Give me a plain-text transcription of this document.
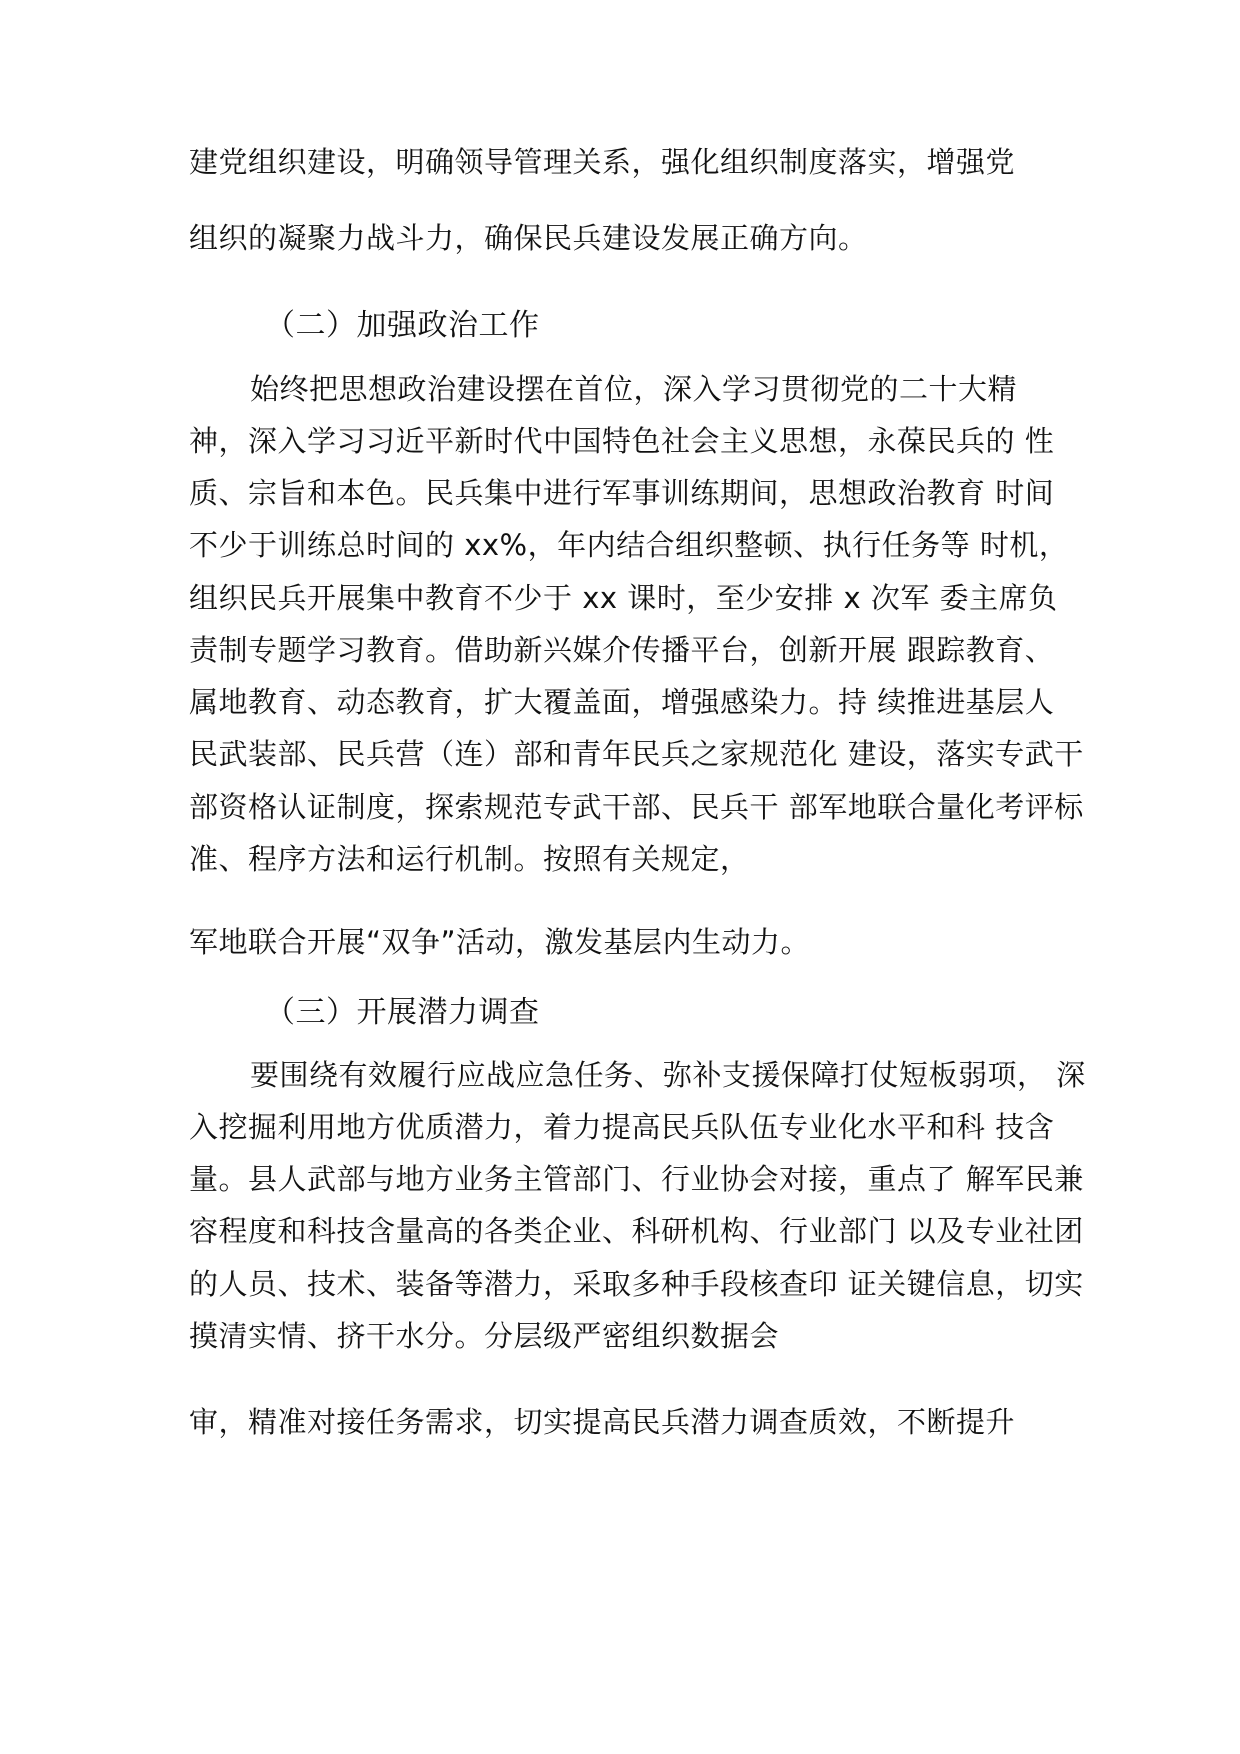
建党组织建设，明确领导管理关系，强化组织制度落实，增强党
组织的凝聚力战斗力，确保民兵建设发展正确方向。
（二）加强政治工作
始终把思想政治建设摆在首位，深入学习贯彻党的二十大精
神，深入学习习近平新时代中国特色社会主义思想，永葆民兵的 性
质、宗旨和本色。民兵集中进行军事训练期间，思想政治教育 时间
不少于训练总时间的 xx%，年内结合组织整顿、执行任务等 时机，
组织民兵开展集中教育不少于 xx 课时，至少安排 x 次军 委主席负
责制专题学习教育。借助新兴媒介传播平台，创新开展 跟踪教育、
属地教育、动态教育，扩大覆盖面，增强感染力。持 续推进基层人
民武装部、民兵营（连）部和青年民兵之家规范化 建设，落实专武干
部资格认证制度，探索规范专武干部、民兵干 部军地联合量化考评标
准、程序方法和运行机制。按照有关规定，
军地联合开展“双争”活动，激发基层内生动力。
（三）开展潜力调查
要围绕有效履行应战应急任务、弥补支援保障打仗短板弱项， 深
入挖掘利用地方优质潜力，着力提高民兵队伍专业化水平和科 技含
量。县人武部与地方业务主管部门、行业协会对接，重点了 解军民兼
容程度和科技含量高的各类企业、科研机构、行业部门 以及专业社团
的人员、技术、装备等潜力，采取多种手段核查印 证关键信息，切实
摸清实情、挤干水分。分层级严密组织数据会
审，精准对接任务需求，切实提高民兵潜力调查质效，不断提升
